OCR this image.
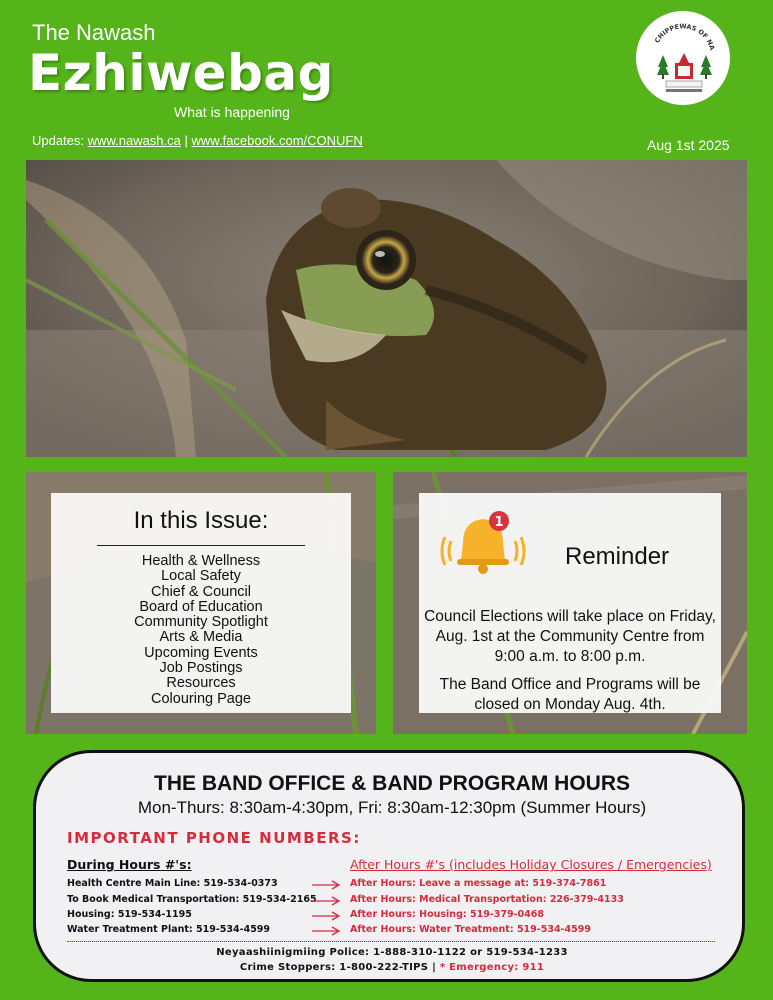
The Nawash
Ezhiwebag
What is happening
Updates: www.nawash.ca | www.facebook.com/CONUFN	Aug 1st 2025
CHIPPEWAS OF NA
In this Issue:
Health & Wellness
Local Safety
Chief & Council
Board of Education
Community Spotlight
Arts & Media
Upcoming Events
Job Postings
Resources
Colouring Page
1
Reminder
Council Elections will take place on Friday, Aug. 1st at the Community Centre from 9:00 a.m. to 8:00 p.m.
The Band Office and Programs will be closed on Monday Aug. 4th.
THE BAND OFFICE & BAND PROGRAM HOURS
Mon-Thurs: 8:30am-4:30pm, Fri: 8:30am-12:30pm (Summer Hours)
IMPORTANT PHONE NUMBERS:
During Hours #'s:	After Hours #'s (includes Holiday Closures / Emergencies)
Health Centre Main Line: 519-534-0373
To Book Medical Transportation: 519-534-2165
Housing: 519-534-1195
Water Treatment Plant: 519-534-4599
After Hours: Leave a message at: 519-374-7861
After Hours: Medical Transportation: 226-379-4133
After Hours: Housing: 519-379-0468
After Hours: Water Treatment: 519-534-4599
Neyaashiinigmiing Police: 1-888-310-1122 or 519-534-1233
Crime Stoppers: 1-800-222-TIPS | * Emergency: 911
